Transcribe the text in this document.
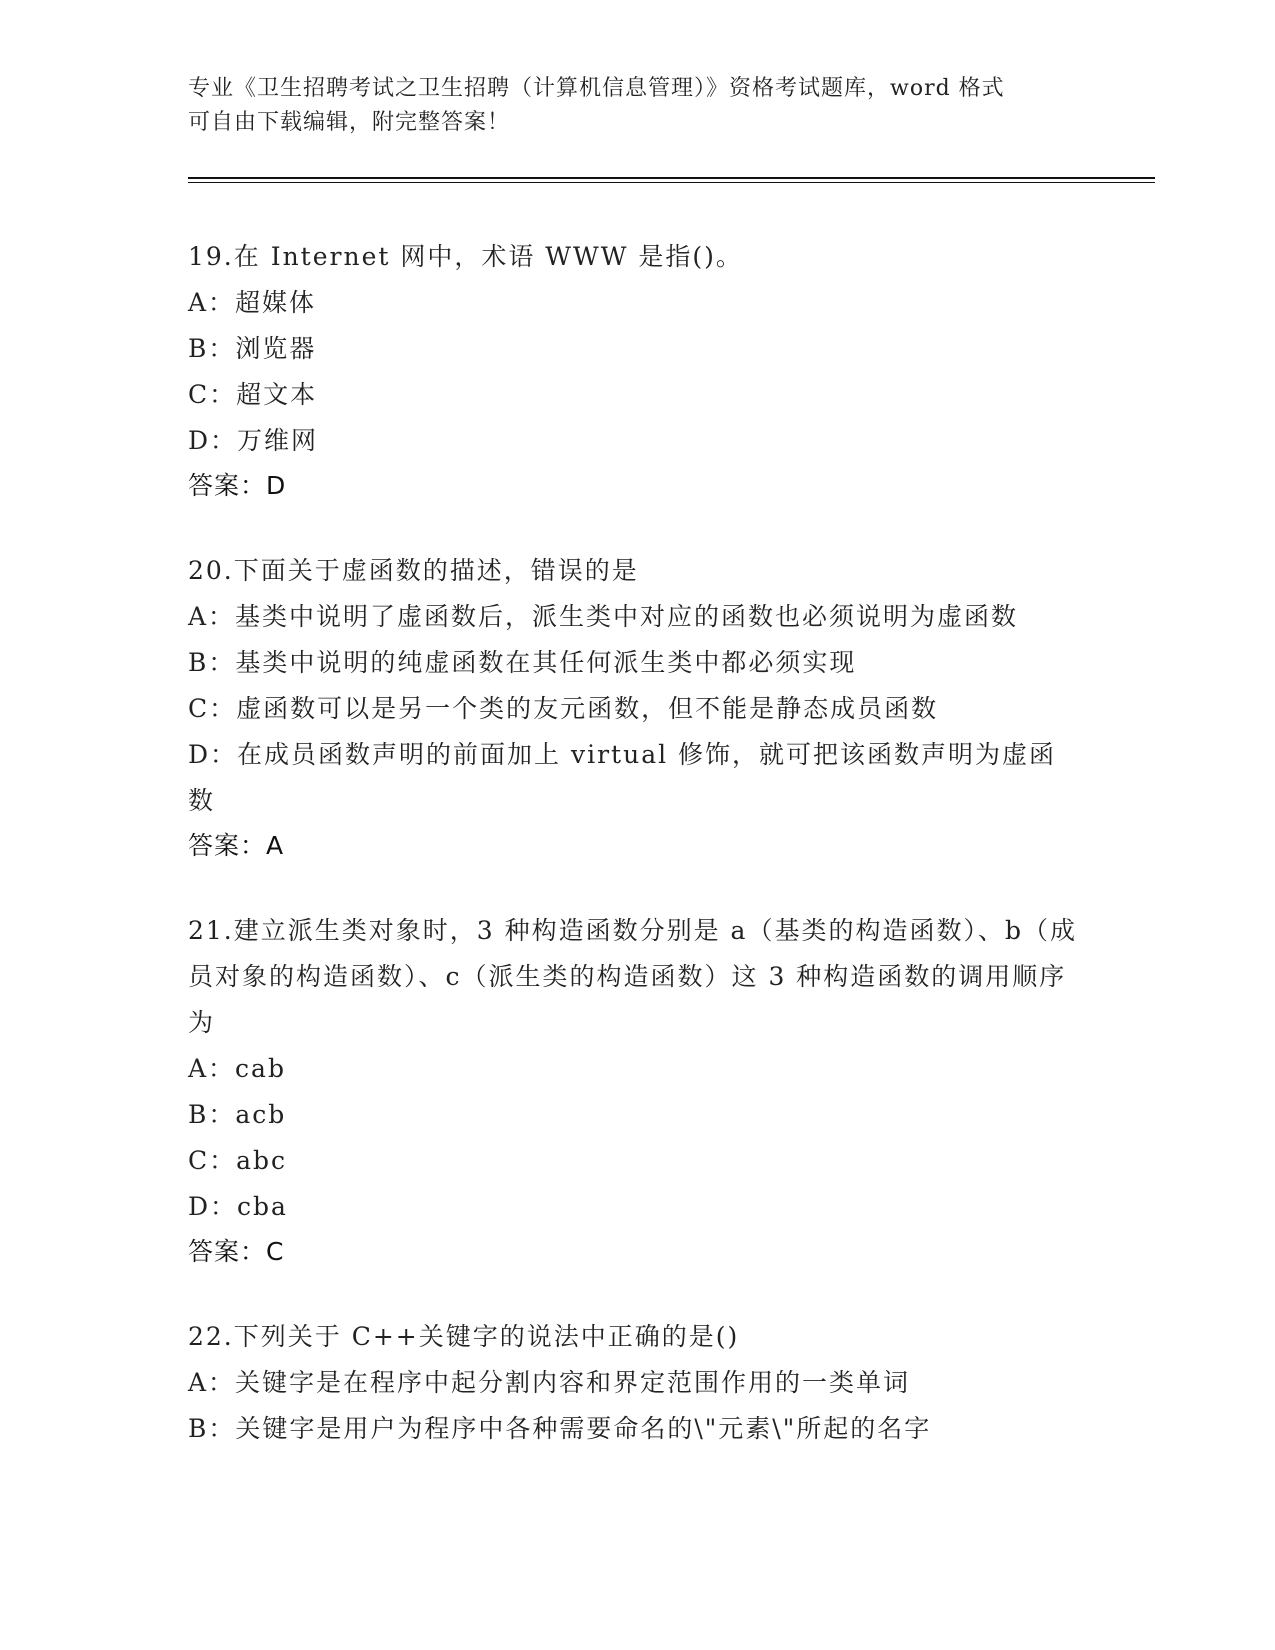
专业《卫生招聘考试之卫生招聘（计算机信息管理）》资格考试题库，word 格式
可自由下载编辑，附完整答案！
19.在 Internet 网中，术语 WWW 是指()。
A：超媒体
B：浏览器
C：超文本
D：万维网
答案：D
20.下面关于虚函数的描述，错误的是
A：基类中说明了虚函数后，派生类中对应的函数也必须说明为虚函数
B：基类中说明的纯虚函数在其任何派生类中都必须实现
C：虚函数可以是另一个类的友元函数，但不能是静态成员函数
D：在成员函数声明的前面加上 virtual 修饰，就可把该函数声明为虚函数
答案：A
21.建立派生类对象时，3 种构造函数分别是 a（基类的构造函数）、b（成员对象的构造函数）、c（派生类的构造函数）这 3 种构造函数的调用顺序为
A：cab
B：acb
C：abc
D：cba
答案：C
22.下列关于 C++关键字的说法中正确的是()
A：关键字是在程序中起分割内容和界定范围作用的一类单词
B：关键字是用户为程序中各种需要命名的\"元素\"所起的名字
